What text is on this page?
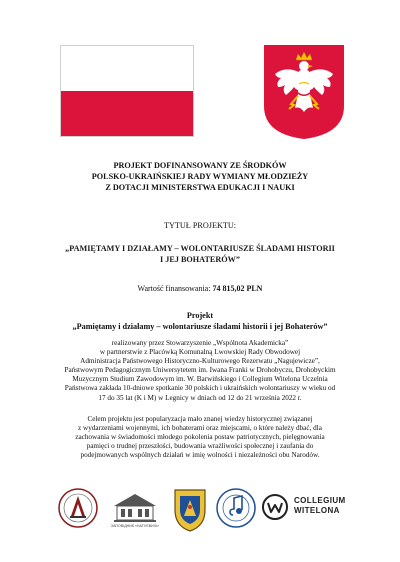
PROJEKT DOFINANSOWANY ZE ŚRODKÓW
POLSKO-UKRAIŃSKIEJ RADY WYMIANY MŁODZIEŻY
Z DOTACJI MINISTERSTWA EDUKACJI I NAUKI
TYTUŁ PROJEKTU:
„PAMIĘTAMY I DZIAŁAMY – WOLONTARIUSZE ŚLADAMI HISTORII
I JEJ BOHATERÓW”
Wartość finansowania: 74 815,02 PLN
Projekt
„Pamiętamy i działamy – wolontariusze śladami historii i jej Bohaterów”
realizowany przez Stowarzyszenie „Wspólnota Akademicka”
w partnerstwie z Placówką Komunalną Lwowskiej Rady Obwodowej
Administracja Państwowego Historyczno-Kulturowego Rezerwatu „Nagujewicze”,
Państwowym Pedagogicznym Uniwersytetem im. Iwana Franki w Drohobyczu, Drohobyckim
Muzycznym Studium Zawodowym im. W. Barwińskiego i Collegium Witelona Uczelnia
Państwowa zakłada 10-dniowe spotkanie 30 polskich i ukraińskich wolontariuszy w wieku od
17 do 35 lat (K i M) w Legnicy w dniach od 12 do 21 września 2022 r.
Celem projektu jest popularyzacja mało znanej wiedzy historycznej związanej
z wydarzeniami wojennymi, ich bohaterami oraz miejscami, o które należy dbać, dla
zachowania w świadomości młodego pokolenia postaw patriotycznych, pielęgnowania
pamięci o trudnej przeszłości, budowania wrażliwości społecznej i zaufania do
podejmowanych wspólnych działań w imię wolności i niezależności obu Narodów.
ЗАПОВІДНИК «НАГУЄВИЧІ»
COLLEGIUM
WITELONA
